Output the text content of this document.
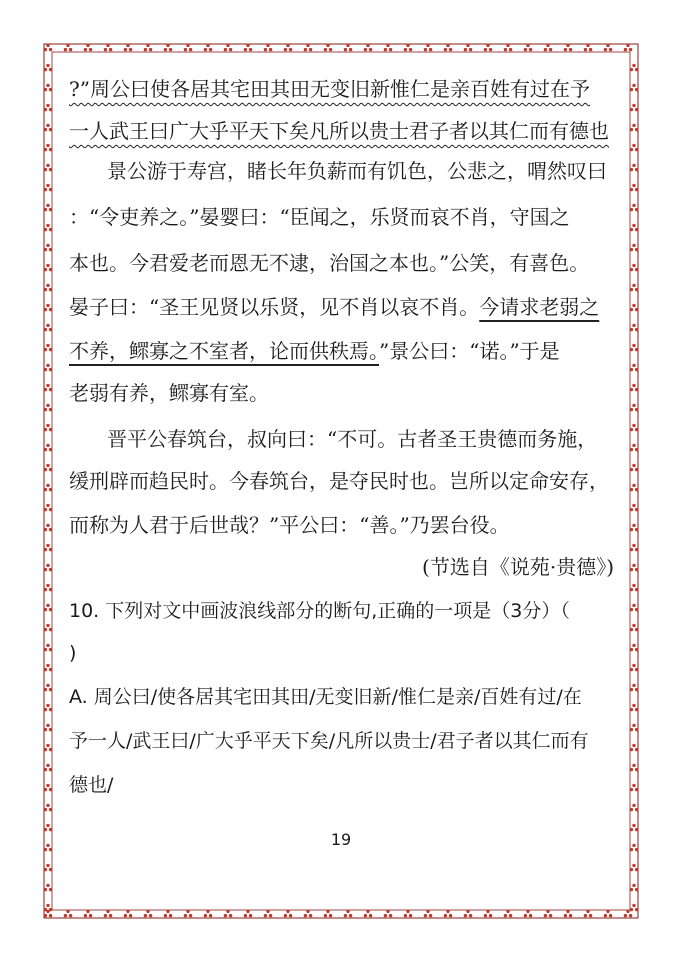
?”周公曰使各居其宅田其田无变旧新惟仁是亲百姓有过在予
一人武王曰广大乎平天下矣凡所以贵士君子者以其仁而有德也
景公游于寿宫，睹长年负薪而有饥色，公悲之，喟然叹曰
：“令吏养之。”晏婴曰：“臣闻之，乐贤而哀不肖，守国之
本也。今君爱老而恩无不逮，治国之本也。”公笑，有喜色。
晏子曰：“圣王见贤以乐贤，见不肖以哀不肖。今请求老弱之
不养，鳏寡之不室者，论而供秩焉。”景公曰：“诺。”于是
老弱有养，鳏寡有室。
晋平公春筑台，叔向曰：“不可。古者圣王贵德而务施，
缓刑辟而趋民时。今春筑台，是夺民时也。岂所以定命安存，
而称为人君于后世哉？”平公曰：“善。”乃罢台役。
(节选自《说苑·贵德》)
10. 下列对文中画波浪线部分的断句,正确的一项是（3分）（
)
A. 周公曰/使各居其宅田其田/无变旧新/惟仁是亲/百姓有过/在
予一人/武王曰/广大乎平天下矣/凡所以贵士/君子者以其仁而有
德也/
19
